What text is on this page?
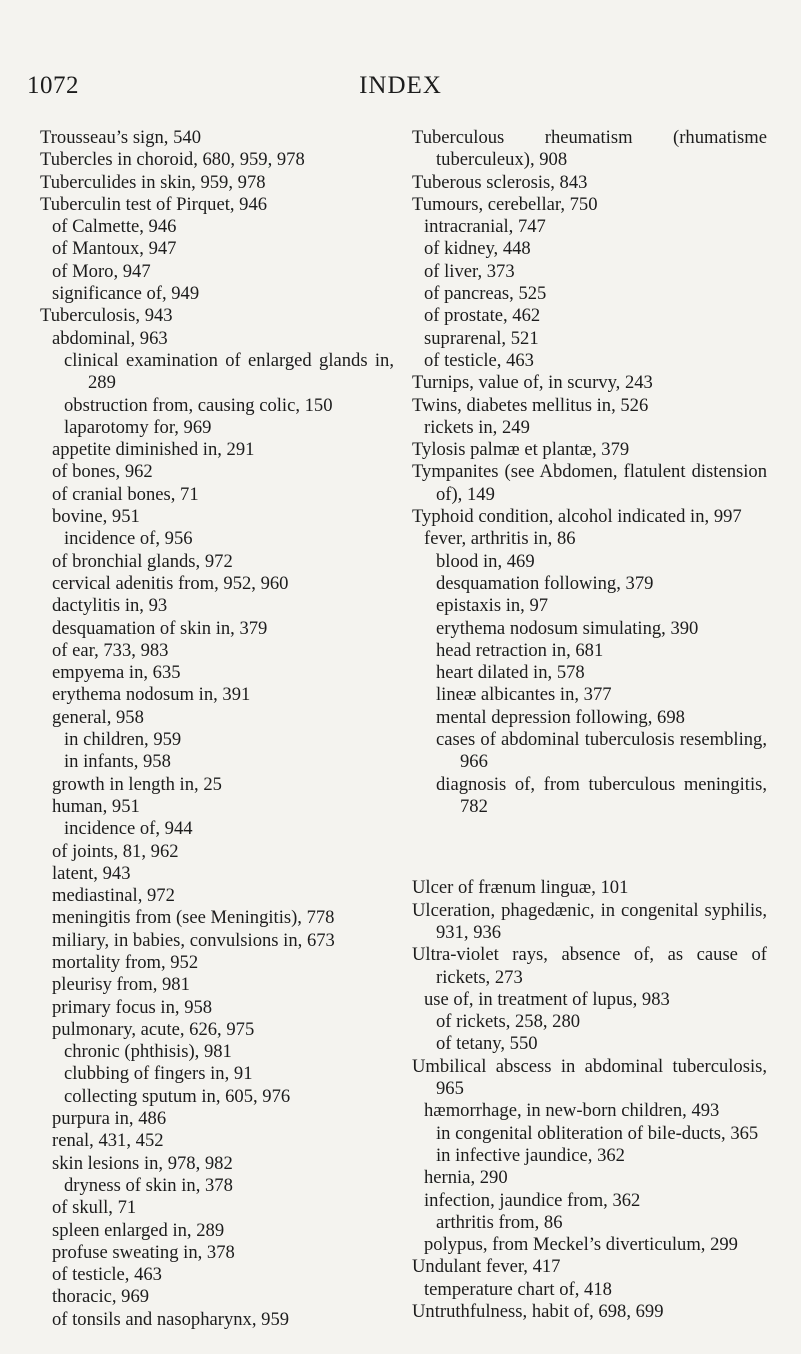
1072	INDEX

Trousseau’s sign, 540

Tubercles in choroid, 680, 959, 978

Tuberculides in skin, 959, 978

Tuberculin test of Pirquet, 946

of Calmette, 946

of Mantoux, 947

of Moro, 947

significance of, 949

Tuberculosis, 943

abdominal, 963

clinical examination of enlarged glands in, 289

obstruction from, causing colic, 150

laparotomy for, 969

appetite diminished in, 291

of bones, 962

of cranial bones, 71

bovine, 951

incidence of, 956

of bronchial glands, 972

cervical adenitis from, 952, 960

dactylitis in, 93

desquamation of skin in, 379

of ear, 733, 983

empyema in, 635

erythema nodosum in, 391

general, 958

in children, 959

in infants, 958

growth in length in, 25

human, 951

incidence of, 944

of joints, 81, 962

latent, 943

mediastinal, 972

meningitis from (see Meningitis), 778

miliary, in babies, convulsions in, 673

mortality from, 952

pleurisy from, 981

primary focus in, 958

pulmonary, acute, 626, 975

chronic (phthisis), 981

clubbing of fingers in, 91

collecting sputum in, 605, 976

purpura in, 486

renal, 431, 452

skin lesions in, 978, 982

dryness of skin in, 378

of skull, 71

spleen enlarged in, 289

profuse sweating in, 378

of testicle, 463

thoracic, 969

of tonsils and nasopharynx, 959

Tuberculous rheumatism (rhumatisme tuberculeux), 908

Tuberous sclerosis, 843

Tumours, cerebellar, 750

intracranial, 747

of kidney, 448

of liver, 373

of pancreas, 525

of prostate, 462

suprarenal, 521

of testicle, 463

Turnips, value of, in scurvy, 243

Twins, diabetes mellitus in, 526

rickets in, 249

Tylosis palmæ et plantæ, 379

Tympanites (see Abdomen, flatulent distension of), 149

Typhoid condition, alcohol indicated in, 997

fever, arthritis in, 86

blood in, 469

desquamation following, 379

epistaxis in, 97

erythema nodosum simulating, 390

head retraction in, 681

heart dilated in, 578

lineæ albicantes in, 377

mental depression following, 698

cases of abdominal tuberculosis resembling, 966

diagnosis of, from tuberculous meningitis, 782

Ulcer of frænum linguæ, 101

Ulceration, phagedænic, in congenital syphilis, 931, 936

Ultra-violet rays, absence of, as cause of rickets, 273

use of, in treatment of lupus, 983

of rickets, 258, 280

of tetany, 550

Umbilical abscess in abdominal tuberculosis, 965

hæmorrhage, in new-born children, 493

in congenital obliteration of bile-ducts, 365

in infective jaundice, 362

hernia, 290

infection, jaundice from, 362

arthritis from, 86

polypus, from Meckel’s diverticulum, 299

Undulant fever, 417

temperature chart of, 418

Untruthfulness, habit of, 698, 699
